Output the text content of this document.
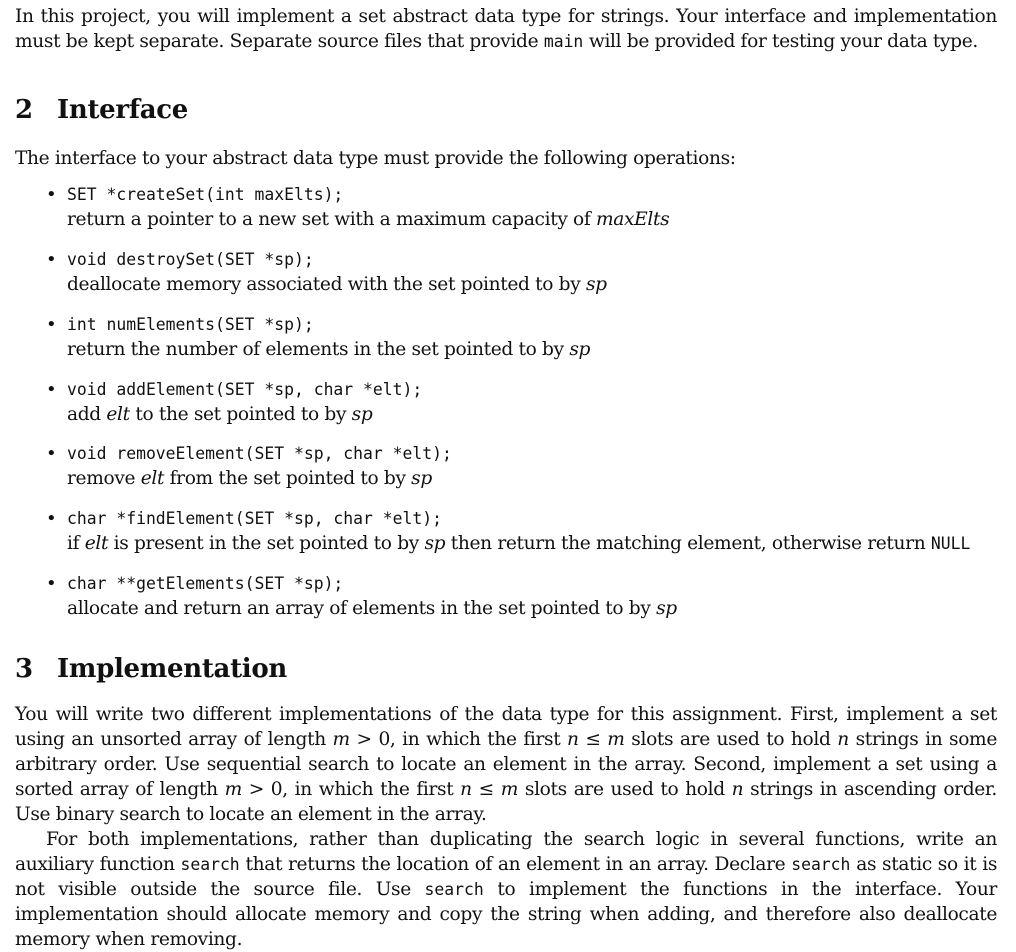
In this project, you will implement a set abstract data type for strings. Your interface and implementation must be kept separate. Separate source files that provide main will be provided for testing your data type.

2 Interface

The interface to your abstract data type must provide the following operations:

• SET *createSet(int maxElts);
return a pointer to a new set with a maximum capacity of maxElts
• void destroySet(SET *sp);
deallocate memory associated with the set pointed to by sp
• int numElements(SET *sp);
return the number of elements in the set pointed to by sp
• void addElement(SET *sp, char *elt);
add elt to the set pointed to by sp
• void removeElement(SET *sp, char *elt);
remove elt from the set pointed to by sp
• char *findElement(SET *sp, char *elt);
if elt is present in the set pointed to by sp then return the matching element, otherwise return NULL
• char **getElements(SET *sp);
allocate and return an array of elements in the set pointed to by sp
3 Implementation

You will write two different implementations of the data type for this assignment. First, implement a set using an unsorted array of length m > 0, in which the first n ≤ m slots are used to hold n strings in some arbitrary order. Use sequential search to locate an element in the array. Second, implement a set using a sorted array of length m > 0, in which the first n ≤ m slots are used to hold n strings in ascending order. Use binary search to locate an element in the array.

For both implementations, rather than duplicating the search logic in several functions, write an auxiliary function search that returns the location of an element in an array. Declare search as static so it is not visible outside the source file. Use search to implement the functions in the interface. Your implementation should allocate memory and copy the string when adding, and therefore also deallocate memory when removing.
